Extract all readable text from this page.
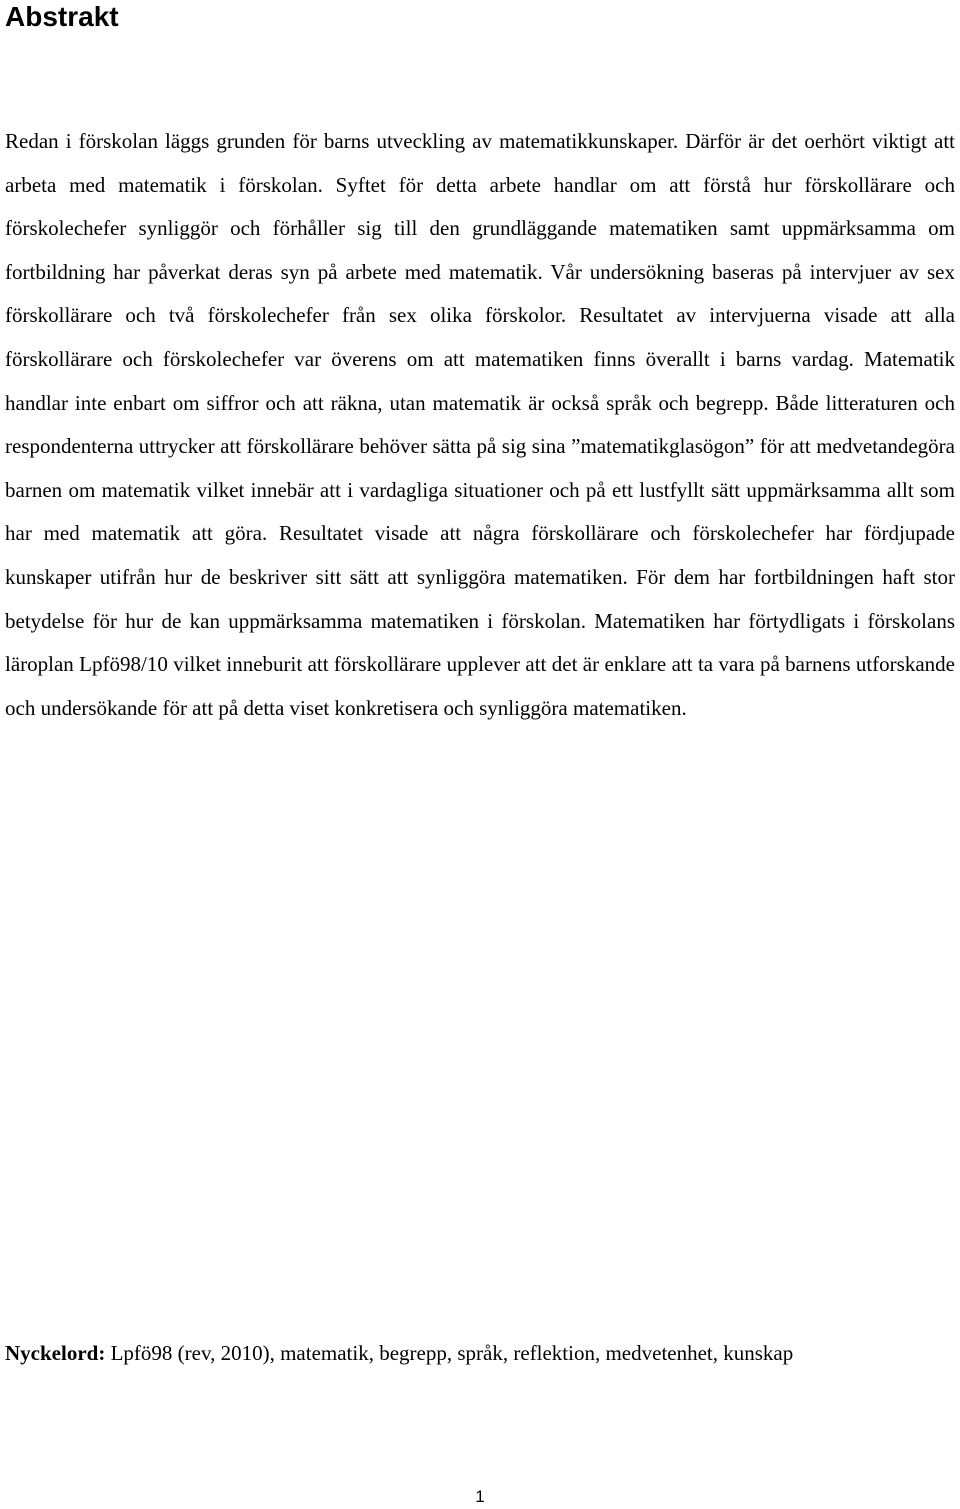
Abstrakt

Redan i förskolan läggs grunden för barns utveckling av matematikkunskaper. Därför är det oerhört viktigt att arbeta med matematik i förskolan. Syftet för detta arbete handlar om att förstå hur förskollärare och förskolechefer synliggör och förhåller sig till den grundläggande matematiken samt uppmärksamma om fortbildning har påverkat deras syn på arbete med matematik. Vår undersökning baseras på intervjuer av sex förskollärare och två förskolechefer från sex olika förskolor. Resultatet av intervjuerna visade att alla förskollärare och förskolechefer var överens om att matematiken finns överallt i barns vardag. Matematik handlar inte enbart om siffror och att räkna, utan matematik är också språk och begrepp. Både litteraturen och respondenterna uttrycker att förskollärare behöver sätta på sig sina ”matematikglasögon” för att medvetandegöra barnen om matematik vilket innebär att i vardagliga situationer och på ett lustfyllt sätt uppmärksamma allt som har med matematik att göra. Resultatet visade att några förskollärare och förskolechefer har fördjupade kunskaper utifrån hur de beskriver sitt sätt att synliggöra matematiken. För dem har fortbildningen haft stor betydelse för hur de kan uppmärksamma matematiken i förskolan. Matematiken har förtydligats i förskolans läroplan Lpfö98/10 vilket inneburit att förskollärare upplever att det är enklare att ta vara på barnens utforskande och undersökande för att på detta viset konkretisera och synliggöra matematiken.

Nyckelord: Lpfö98 (rev, 2010), matematik, begrepp, språk, reflektion, medvetenhet, kunskap

1
